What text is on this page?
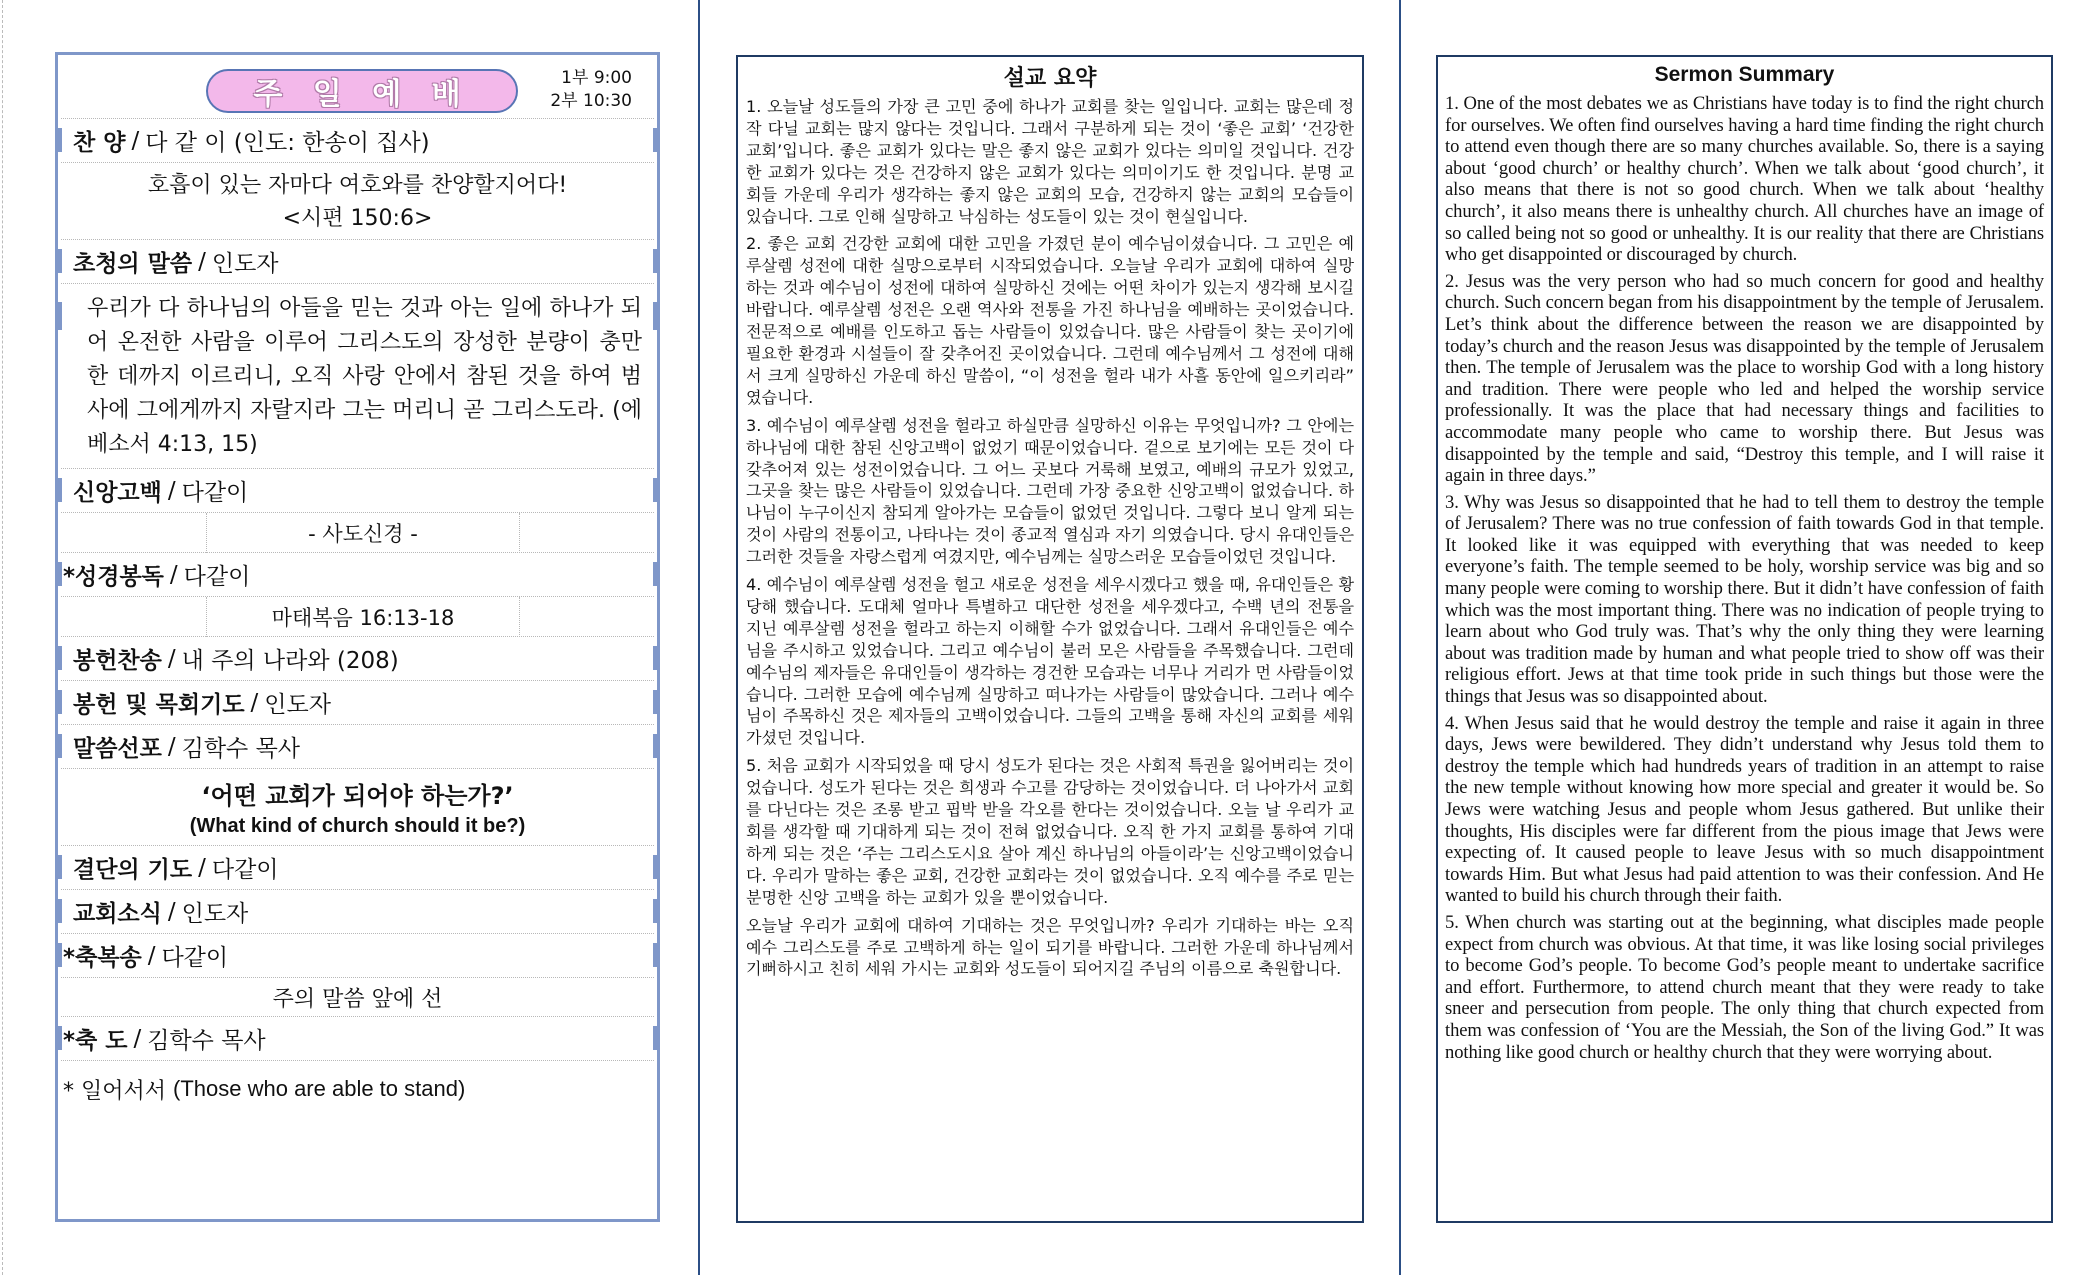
주 일 예 배	1부 9:00
2부 10:30
찬 양 / 다 같 이 (인도: 한송이 집사)
호흡이 있는 자마다 여호와를 찬양할지어다!
<시편 150:6>
초청의 말씀 / 인도자
우리가 다 하나님의 아들을 믿는 것과 아는 일에 하나가 되어 온전한 사람을 이루어 그리스도의 장성한 분량이 충만한 데까지 이르리니, 오직 사랑 안에서 참된 것을 하여 범사에 그에게까지 자랄지라 그는 머리니 곧 그리스도라. (에베소서 4:13, 15)
신앙고백 / 다같이
- 사도신경 -
*성경봉독 / 다같이
마태복음 16:13-18
봉헌찬송 / 내 주의 나라와 (208)
봉헌 및 목회기도 / 인도자
말씀선포 / 김학수 목사
‘어떤 교회가 되어야 하는가?’
(What kind of church should it be?)
결단의 기도 / 다같이
교회소식 / 인도자
*축복송 / 다같이
주의 말씀 앞에 선
*축 도 / 김학수 목사
* 일어서서
(Those who are able to stand)
설교 요약

1. 오늘날 성도들의 가장 큰 고민 중에 하나가 교회를 찾는 일입니다. 교회는 많은데 정작 다닐 교회는 많지 않다는 것입니다. 그래서 구분하게 되는 것이 ‘좋은 교회’ ‘건강한 교회’입니다. 좋은 교회가 있다는 말은 좋지 않은 교회가 있다는 의미일 것입니다. 건강한 교회가 있다는 것은 건강하지 않은 교회가 있다는 의미이기도 한 것입니다. 분명 교회들 가운데 우리가 생각하는 좋지 않은 교회의 모습, 건강하지 않는 교회의 모습들이 있습니다. 그로 인해 실망하고 낙심하는 성도들이 있는 것이 현실입니다.

2. 좋은 교회 건강한 교회에 대한 고민을 가졌던 분이 예수님이셨습니다. 그 고민은 예루살렘 성전에 대한 실망으로부터 시작되었습니다. 오늘날 우리가 교회에 대하여 실망하는 것과 예수님이 성전에 대하여 실망하신 것에는 어떤 차이가 있는지 생각해 보시길 바랍니다. 예루살렘 성전은 오랜 역사와 전통을 가진 하나님을 예배하는 곳이었습니다. 전문적으로 예배를 인도하고 돕는 사람들이 있었습니다. 많은 사람들이 찾는 곳이기에 필요한 환경과 시설들이 잘 갖추어진 곳이었습니다. 그런데 예수님께서 그 성전에 대해서 크게 실망하신 가운데 하신 말씀이, “이 성전을 헐라 내가 사흘 동안에 일으키리라” 였습니다.

3. 예수님이 예루살렘 성전을 헐라고 하실만큼 실망하신 이유는 무엇입니까? 그 안에는 하나님에 대한 참된 신앙고백이 없었기 때문이었습니다. 겉으로 보기에는 모든 것이 다 갖추어져 있는 성전이었습니다. 그 어느 곳보다 거룩해 보였고, 예배의 규모가 있었고, 그곳을 찾는 많은 사람들이 있었습니다. 그런데 가장 중요한 신앙고백이 없었습니다. 하나님이 누구이신지 참되게 알아가는 모습들이 없었던 것입니다. 그렇다 보니 알게 되는 것이 사람의 전통이고, 나타나는 것이 종교적 열심과 자기 의였습니다. 당시 유대인들은 그러한 것들을 자랑스럽게 여겼지만, 예수님께는 실망스러운 모습들이었던 것입니다.

4. 예수님이 예루살렘 성전을 헐고 새로운 성전을 세우시겠다고 했을 때, 유대인들은 황당해 했습니다. 도대체 얼마나 특별하고 대단한 성전을 세우겠다고, 수백 년의 전통을 지닌 예루살렘 성전을 헐라고 하는지 이해할 수가 없었습니다. 그래서 유대인들은 예수님을 주시하고 있었습니다. 그리고 예수님이 불러 모은 사람들을 주목했습니다. 그런데 예수님의 제자들은 유대인들이 생각하는 경건한 모습과는 너무나 거리가 먼 사람들이었습니다. 그러한 모습에 예수님께 실망하고 떠나가는 사람들이 많았습니다. 그러나 예수님이 주목하신 것은 제자들의 고백이었습니다. 그들의 고백을 통해 자신의 교회를 세워가셨던 것입니다.

5. 처음 교회가 시작되었을 때 당시 성도가 된다는 것은 사회적 특권을 잃어버리는 것이었습니다. 성도가 된다는 것은 희생과 수고를 감당하는 것이었습니다. 더 나아가서 교회를 다닌다는 것은 조롱 받고 핍박 받을 각오를 한다는 것이었습니다. 오늘 날 우리가 교회를 생각할 때 기대하게 되는 것이 전혀 없었습니다. 오직 한 가지 교회를 통하여 기대하게 되는 것은 ‘주는 그리스도시요 살아 계신 하나님의 아들이라’는 신앙고백이었습니다. 우리가 말하는 좋은 교회, 건강한 교회라는 것이 없었습니다. 오직 예수를 주로 믿는 분명한 신앙 고백을 하는 교회가 있을 뿐이었습니다.

오늘날 우리가 교회에 대하여 기대하는 것은 무엇입니까? 우리가 기대하는 바는 오직 예수 그리스도를 주로 고백하게 하는 일이 되기를 바랍니다. 그러한 가운데 하나님께서 기뻐하시고 친히 세워 가시는 교회와 성도들이 되어지길 주님의 이름으로 축원합니다.

Sermon Summary

1. One of the most debates we as Christians have today is to find the right church for ourselves. We often find ourselves having a hard time finding the right church to attend even though there are so many churches available. So, there is a saying about ‘good church’ or healthy church’. When we talk about ‘good church’, it also means that there is not so good church. When we talk about ‘healthy church’, it also means there is unhealthy church. All churches have an image of so called being not so good or unhealthy. It is our reality that there are Christians who get disappointed or discouraged by church.

2. Jesus was the very person who had so much concern for good and healthy church. Such concern began from his disappointment by the temple of Jerusalem. Let’s think about the difference between the reason we are disappointed by today’s church and the reason Jesus was disappointed by the temple of Jerusalem then. The temple of Jerusalem was the place to worship God with a long history and tradition. There were people who led and helped the worship service professionally. It was the place that had necessary things and facilities to accommodate many people who came to worship there. But Jesus was disappointed by the temple and said, “Destroy this temple, and I will raise it again in three days.”

3. Why was Jesus so disappointed that he had to tell them to destroy the temple of Jerusalem? There was no true confession of faith towards God in that temple. It looked like it was equipped with everything that was needed to keep everyone’s faith. The temple seemed to be holy, worship service was big and so many people were coming to worship there. But it didn’t have confession of faith which was the most important thing. There was no indication of people trying to learn about who God truly was. That’s why the only thing they were learning about was tradition made by human and what people tried to show off was their religious effort. Jews at that time took pride in such things but those were the things that Jesus was so disappointed about.

4. When Jesus said that he would destroy the temple and raise it again in three days, Jews were bewildered. They didn’t understand why Jesus told them to destroy the temple which had hundreds years of tradition in an attempt to raise the new temple without knowing how more special and greater it would be. So Jews were watching Jesus and people whom Jesus gathered. But unlike their thoughts, His disciples were far different from the pious image that Jews were expecting of. It caused people to leave Jesus with so much disappointment towards Him. But what Jesus had paid attention to was their confession. And He wanted to build his church through their faith.

5. When church was starting out at the beginning, what disciples made people expect from church was obvious. At that time, it was like losing social privileges to become God’s people. To become God’s people meant to undertake sacrifice and effort. Furthermore, to attend church meant that they were ready to take sneer and persecution from people. The only thing that church expected from them was confession of ‘You are the Messiah, the Son of the living God.” It was nothing like good church or healthy church that they were worrying about.
